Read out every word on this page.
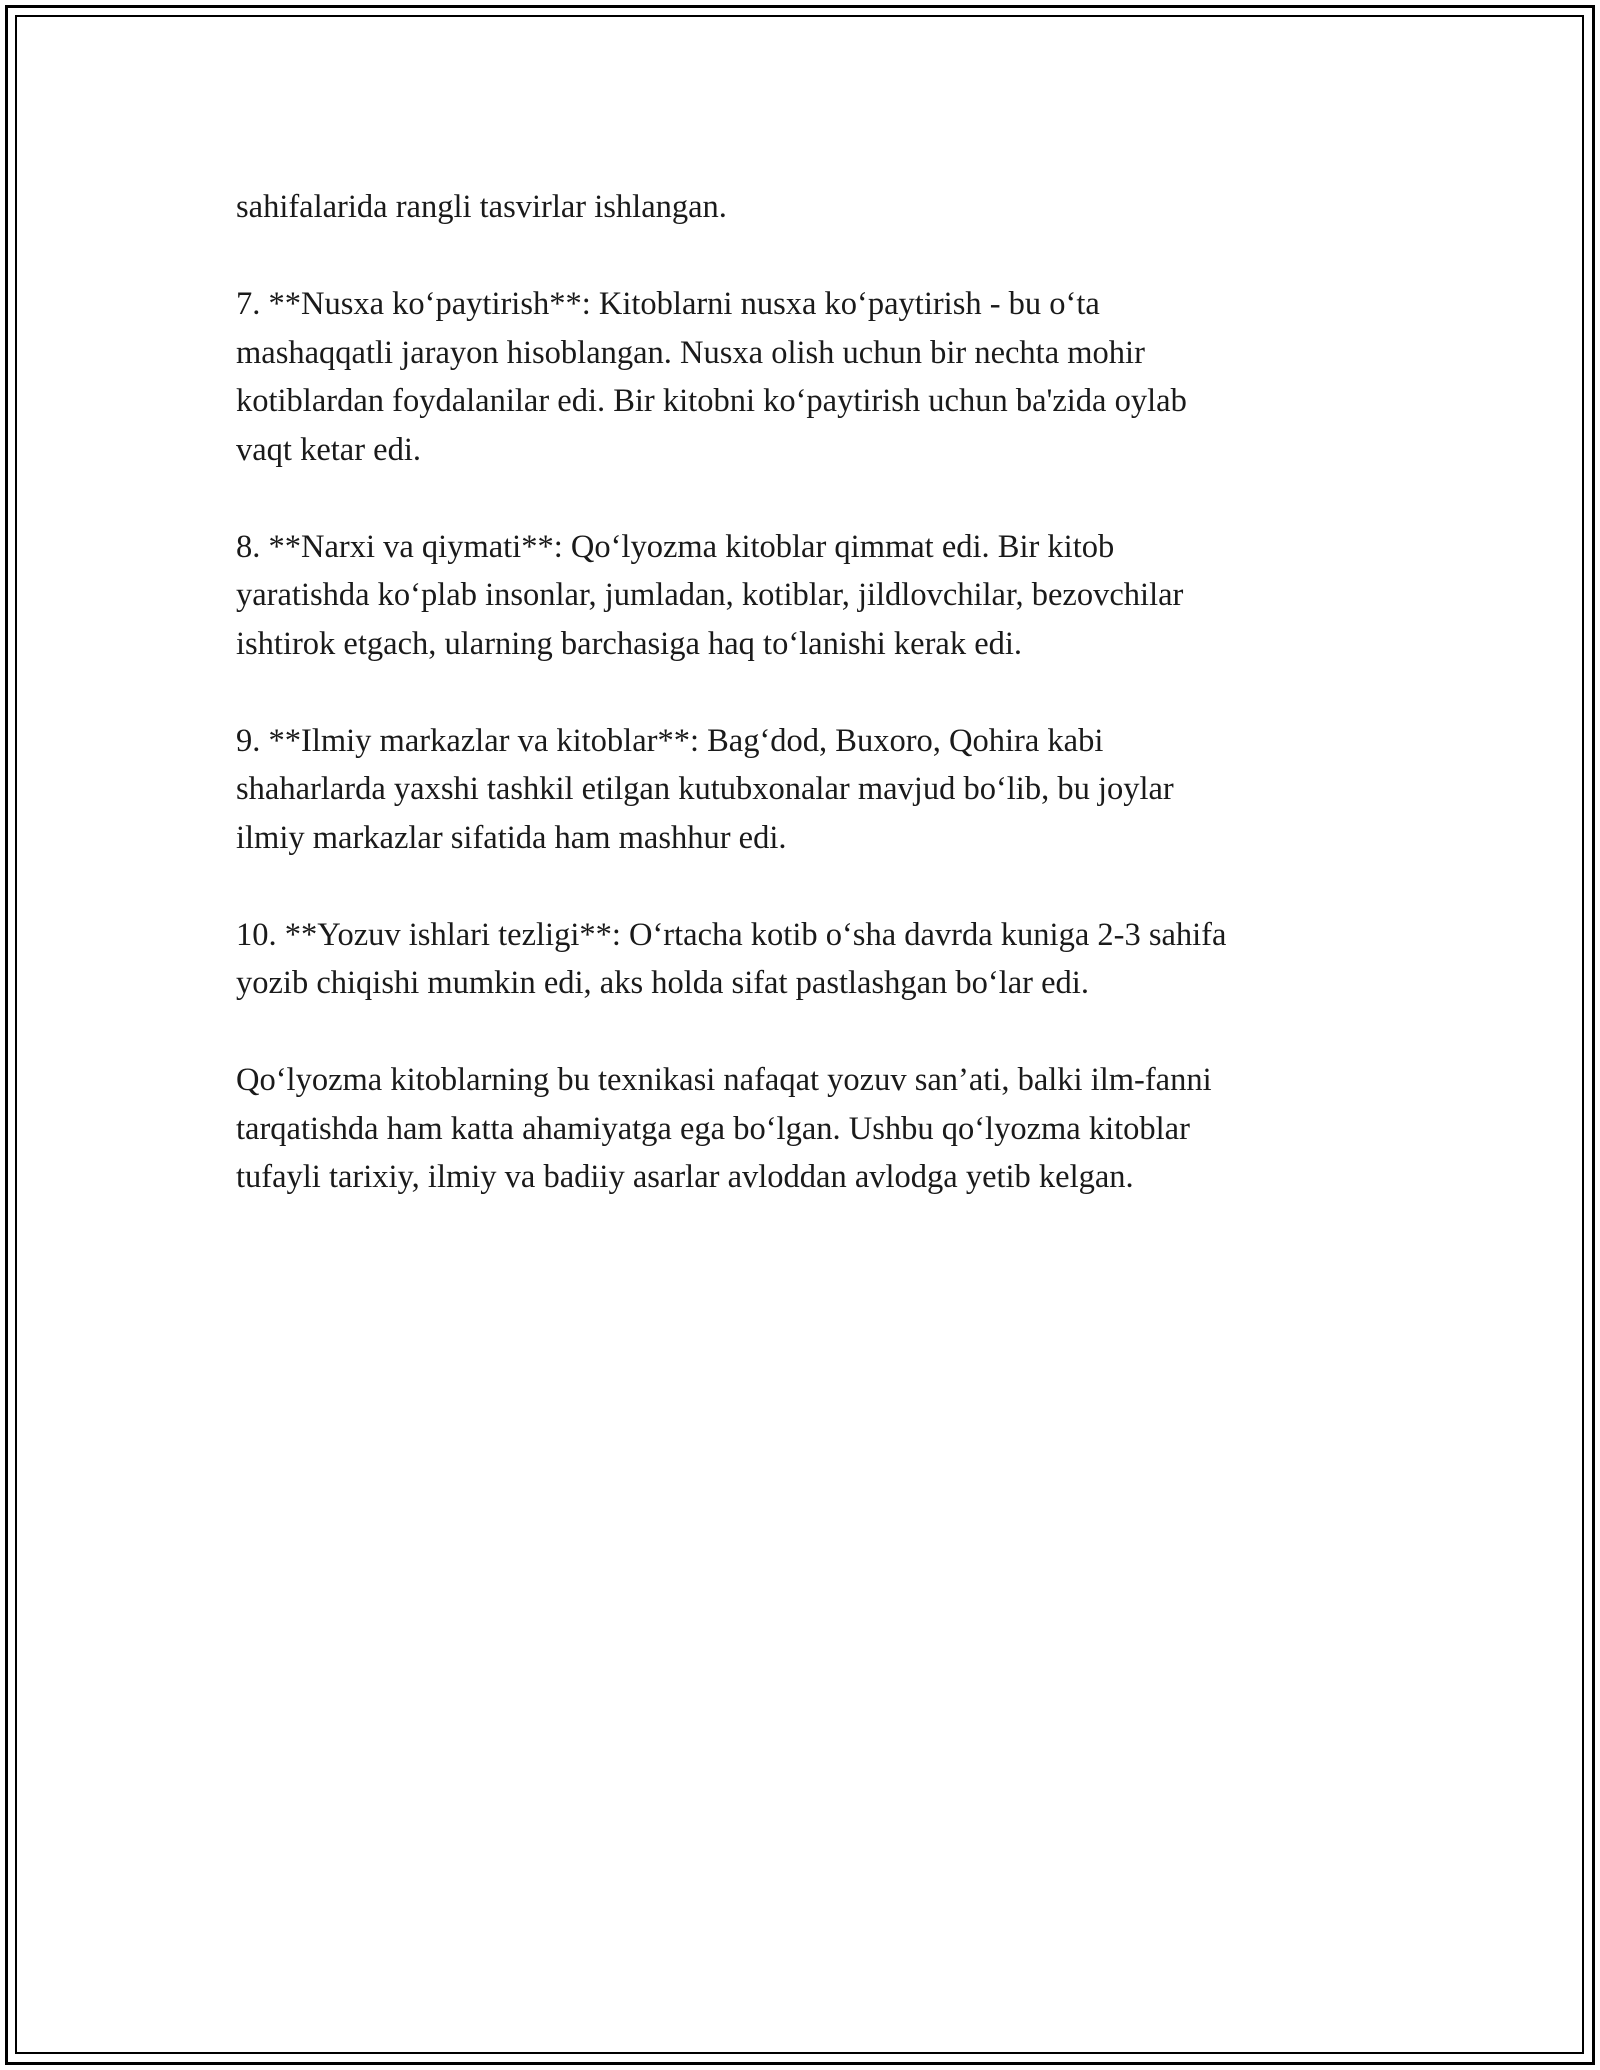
sahifalarida rangli tasvirlar ishlangan.

7. **Nusxa ko‘paytirish**: Kitoblarni nusxa ko‘paytirish - bu o‘ta
mashaqqatli jarayon hisoblangan. Nusxa olish uchun bir nechta mohir
kotiblardan foydalanilar edi. Bir kitobni ko‘paytirish uchun ba'zida oylab
vaqt ketar edi.

8. **Narxi va qiymati**: Qo‘lyozma kitoblar qimmat edi. Bir kitob
yaratishda ko‘plab insonlar, jumladan, kotiblar, jildlovchilar, bezovchilar
ishtirok etgach, ularning barchasiga haq to‘lanishi kerak edi.

9. **Ilmiy markazlar va kitoblar**: Bag‘dod, Buxoro, Qohira kabi
shaharlarda yaxshi tashkil etilgan kutubxonalar mavjud bo‘lib, bu joylar
ilmiy markazlar sifatida ham mashhur edi.

10. **Yozuv ishlari tezligi**: O‘rtacha kotib o‘sha davrda kuniga 2-3 sahifa
yozib chiqishi mumkin edi, aks holda sifat pastlashgan bo‘lar edi.

Qo‘lyozma kitoblarning bu texnikasi nafaqat yozuv san’ati, balki ilm-fanni
tarqatishda ham katta ahamiyatga ega bo‘lgan. Ushbu qo‘lyozma kitoblar
tufayli tarixiy, ilmiy va badiiy asarlar avloddan avlodga yetib kelgan.
